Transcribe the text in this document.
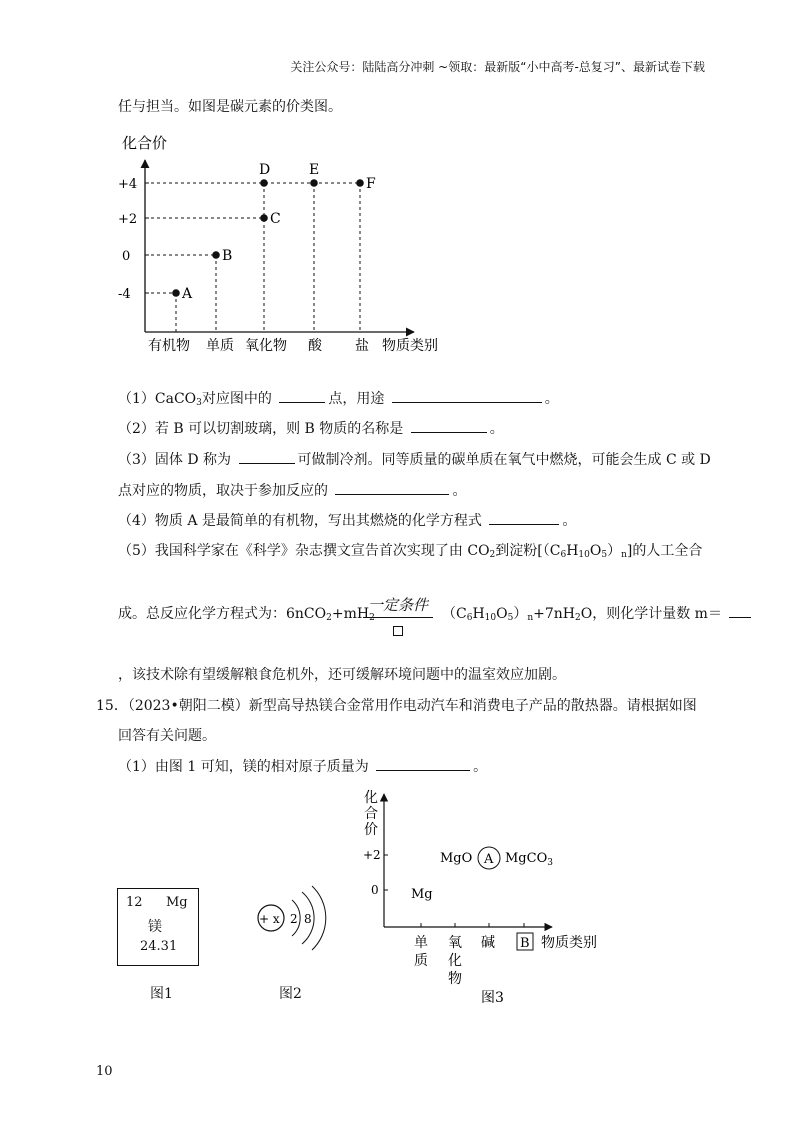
关注公众号：陆陆高分冲刺 ~领取：最新版“小中高考-总复习”、最新试卷下载
任与担当。如图是碳元素的价类图。
化合价
+4
+2
0
-4	A
B
C
D	E
F
有机物 单质 氧化物 酸 盐 物质类别
（1）CaCO$_3$对应图中的	点，用途	。
（2）若 B 可以切割玻璃，则 B 物质的名称是	。
（3）固体 D 称为	可做制冷剂。同等质量的碳单质在氧气中燃烧，可能会生成 C 或 D
点对应的物质，取决于参加反应的	。
（4）物质 A 是最简单的有机物，写出其燃烧的化学方程式	。
（5）我国科学家在《科学》杂志撰文宣告首次实现了由 $CO_2$到淀粉$[(C_6H_{10}O_5)_n]$的人工全合
成。总反应化学方程式为：$6nCO_2+mH_2$
一定条件	$(C_6H_{10}O_5)_n+7nH_2O$，则化学计量数 m＝
，该技术除有望缓解粮食危机外，还可缓解环境问题中的温室效应加剧。
15．（2023•朝阳二模）新型高导热镁合金常用作电动汽车和消费电子产品的散热器。请根据如图
回答有关问题。
（1）由图 1 可知，镁的相对原子质量为	。
12 Mg
镁
24.31
图1
+ x 2 8
图2
化
合
价
+2
0 Mg
MgO A MgCO$_3$
单
质
氧
化
物
碱 B 物质类别
图3
10
